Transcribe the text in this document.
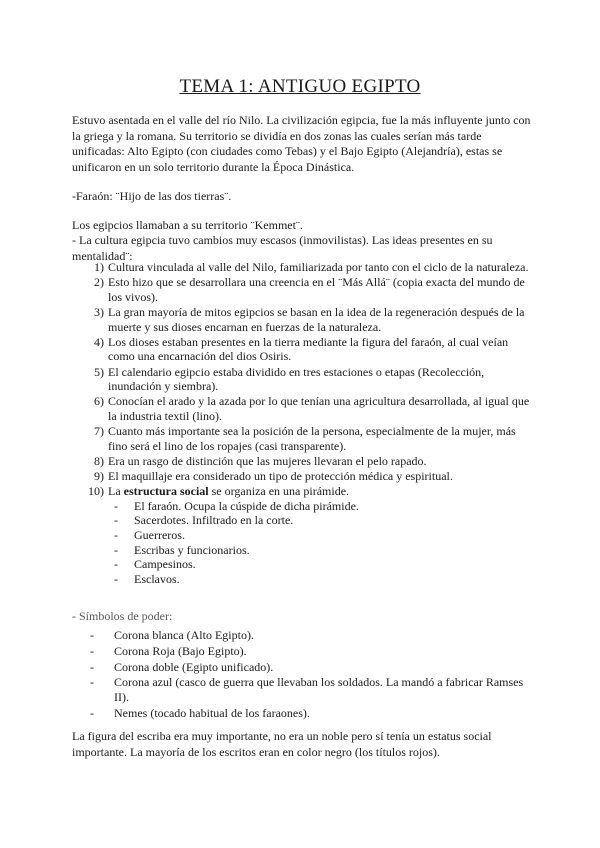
TEMA 1: ANTIGUO EGIPTO
Estuvo asentada en el valle del río Nilo. La civilización egipcia, fue la más influyente junto con la griega y la romana. Su territorio se dividía en dos zonas las cuales serían más tarde unificadas: Alto Egipto (con ciudades como Tebas) y el Bajo Egipto (Alejandría), estas se unificaron en un solo territorio durante la Época Dinástica.
-Faraón: ¨Hijo de las dos tierras¨.
Los egipcios llamaban a su territorio ¨Kemmet¨.
- La cultura egipcia tuvo cambios muy escasos (inmovilistas). Las ideas presentes en su mentalidad¨:
1) Cultura vinculada al valle del Nilo, familiarizada por tanto con el ciclo de la naturaleza.
2) Esto hizo que se desarrollara una creencia en el ¨Más Allá¨ (copia exacta del mundo de los vivos).
3) La gran mayoría de mitos egipcios se basan en la idea de la regeneración después de la muerte y sus dioses encarnan en fuerzas de la naturaleza.
4) Los dioses estaban presentes en la tierra mediante la figura del faraón, al cual veían como una encarnación del dios Osiris.
5) El calendario egipcio estaba dividido en tres estaciones o etapas (Recolección, inundación y siembra).
6) Conocían el arado y la azada por lo que tenían una agricultura desarrollada, al igual que la industria textil (lino).
7) Cuanto más importante sea la posición de la persona, especialmente de la mujer, más fino será el lino de los ropajes (casi transparente).
8) Era un rasgo de distinción que las mujeres llevaran el pelo rapado.
9) El maquillaje era considerado un tipo de protección médica y espiritual.
10) La estructura social se organiza en una pirámide.
- El faraón. Ocupa la cúspide de dicha pirámide.
- Sacerdotes. Infiltrado en la corte.
- Guerreros.
- Escribas y funcionarios.
- Campesinos.
- Esclavos.
- Símbolos de poder:
- Corona blanca (Alto Egipto).
- Corona Roja (Bajo Egipto).
- Corona doble (Egipto unificado).
- Corona azul (casco de guerra que llevaban los soldados. La mandó a fabricar Ramses II).
- Nemes (tocado habitual de los faraones).
La figura del escriba era muy importante, no era un noble pero sí tenía un estatus social importante. La mayoría de los escritos eran en color negro (los títulos rojos).
